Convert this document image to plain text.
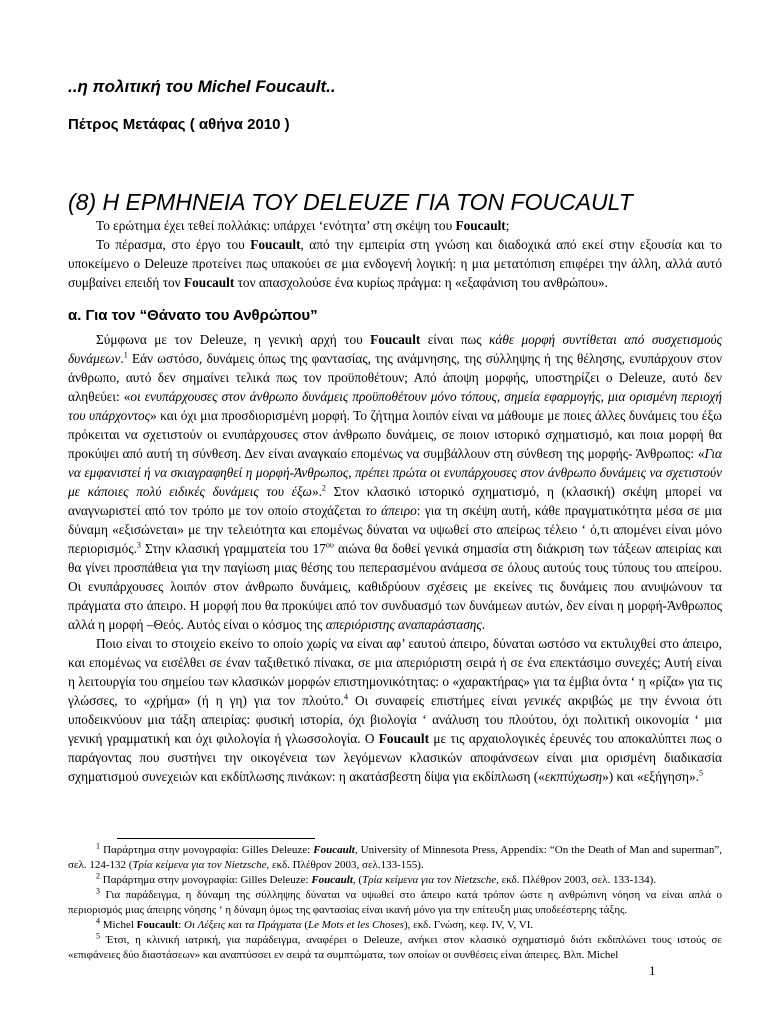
..η πολιτική του Michel Foucault..
Πέτρος Μετάφας ( αθήνα 2010 )
(8) Η ΕΡΜΗΝΕΙΑ ΤΟΥ DELEUZE ΓΙΑ ΤΟΝ FOUCAULT

Το ερώτημα έχει τεθεί πολλάκις: υπάρχει ‘ενότητα’ στη σκέψη του Foucault;

Το πέρασμα, στο έργο του Foucault, από την εμπειρία στη γνώση και διαδοχικά από εκεί στην εξουσία και το υποκείμενο ο Deleuze προτείνει πως υπακούει σε μια ενδογενή λογική: η μια μετατόπιση επιφέρει την άλλη, αλλά αυτό συμβαίνει επειδή τον Foucault τον απασχολούσε ένα κυρίως πράγμα: η «εξαφάνιση του ανθρώπου».

α. Για τον “Θάνατο του Ανθρώπου”

Σύμφωνα με τον Deleuze, η γενική αρχή του Foucault είναι πως κάθε μορφή συντίθεται από συσχετισμούς δυνάμεων.$^1$ Εάν ωστόσο, δυνάμεις όπως της φαντασίας, της ανάμνησης, της σύλληψης ή της θέλησης, ενυπάρχουν στον άνθρωπο, αυτό δεν σημαίνει τελικά πως τον προϋποθέτουν; Από άποψη μορφής, υποστηρίζει ο Deleuze, αυτό δεν αληθεύει: «οι ενυπάρχουσες στον άνθρωπο δυνάμεις προϋποθέτουν μόνο τόπους, σημεία εφαρμογής, μια ορισμένη περιοχή του υπάρχοντος» και όχι μια προσδιορισμένη μορφή. Το ζήτημα λοιπόν είναι να μάθουμε με ποιες άλλες δυνάμεις του έξω πρόκειται να σχετιστούν οι ενυπάρχουσες στον άνθρωπο δυνάμεις, σε ποιον ιστορικό σχηματισμό, και ποια μορφή θα προκύψει από αυτή τη σύνθεση. Δεν είναι αναγκαίο επομένως να συμβάλλουν στη σύνθεση της μορφής- Άνθρωπος: «Για να εμφανιστεί ή να σκιαγραφηθεί η μορφή-Άνθρωπος, πρέπει πρώτα οι ενυπάρχουσες στον άνθρωπο δυνάμεις να σχετιστούν με κάποιες πολύ ειδικές δυνάμεις του έξω».$^2$ Στον κλασικό ιστορικό σχηματισμό, η (κλασική) σκέψη μπορεί να αναγνωριστεί από τον τρόπο με τον οποίο στοχάζεται το άπειρο: για τη σκέψη αυτή, κάθε πραγματικότητα μέσα σε μια δύναμη «εξισώνεται» με την τελειότητα και επομένως δύναται να υψωθεί στο απείρως τέλειο ‘ ό,τι απομένει είναι μόνο περιορισμός.$^3$ Στην κλασική γραμματεία του $17^{o\upsilon}$ αιώνα θα δοθεί γενικά σημασία στη διάκριση των τάξεων απειρίας και θα γίνει προσπάθεια για την παγίωση μιας θέσης του πεπερασμένου ανάμεσα σε όλους αυτούς τους τύπους του απείρου. Οι ενυπάρχουσες λοιπόν στον άνθρωπο δυνάμεις, καθιδρύουν σχέσεις με εκείνες τις δυνάμεις που ανυψώνουν τα πράγματα στο άπειρο. Η μορφή που θα προκύψει από τον συνδυασμό των δυνάμεων αυτών, δεν είναι η μορφή-Άνθρωπος αλλά η μορφή –Θεός. Αυτός είναι ο κόσμος της απεριόριστης αναπαράστασης.

Ποιο είναι το στοιχείο εκείνο το οποίο χωρίς να είναι αφ’ εαυτού άπειρο, δύναται ωστόσο να εκτυλιχθεί στο άπειρο, και επομένως να εισέλθει σε έναν ταξιθετικό πίνακα, σε μια απεριόριστη σειρά ή σε ένα επεκτάσιμο συνεχές; Αυτή είναι η λειτουργία του σημείου των κλασικών μορφών επιστημονικότητας: ο «χαρακτήρας» για τα έμβια όντα ‘ η «ρίζα» για τις γλώσσες, το «χρήμα» (ή η γη) για τον πλούτο.$^4$ Οι συναφείς επιστήμες είναι γενικές ακριβώς με την έννοια ότι υποδεικνύουν μια τάξη απειρίας: φυσική ιστορία, όχι βιολογία ‘ ανάλυση του πλούτου, όχι πολιτική οικονομία ‘ μια γενική γραμματική και όχι φιλολογία ή γλωσσολογία. Ο Foucault με τις αρχαιολογικές έρευνές του αποκαλύπτει πως ο παράγοντας που συστήνει την οικογένεια των λεγόμενων κλασικών αποφάνσεων είναι μια ορισμένη διαδικασία σχηματισμού συνεχειών και εκδίπλωσης πινάκων: η ακατάσβεστη δίψα για εκδίπλωση («εκπτύχωση») και «εξήγηση».$^5$

$^1$ Παράρτημα στην μονογραφία: Gilles Deleuze: Foucault, University of Minnesota Press, Appendix: “On the Death of Man and superman”, σελ. 124-132 (Τρία κείμενα για τον Nietzsche, εκδ. Πλέθρον 2003, σελ.133-155).

$^2$ Παράρτημα στην μονογραφία: Gilles Deleuze: Foucault, (Τρία κείμενα για τον Nietzsche, εκδ. Πλέθρον 2003, σελ. 133-134).

$^3$ Για παράδειγμα, η δύναμη της σύλληψης δύναται να υψωθεί στο άπειρο κατά τρόπον ώστε η ανθρώπινη νόηση να είναι απλά ο περιορισμός μιας άπειρης νόησης ‘ η δύναμη όμως της φαντασίας είναι ικανή μόνο για την επίτευξη μιας υποδεέστερης τάξης.

$^4$ Michel Foucault: Οι Λέξεις και τα Πράγματα (Le Mots et les Choses), εκδ. Γνώση, κεφ. IV, V, VI.

$^5$ Έτσι, η κλινική ιατρική, για παράδειγμα, αναφέρει ο Deleuze, ανήκει στον κλασικό σχηματισμό διότι εκδιπλώνει τους ιστούς σε «επιφάνειες δύο διαστάσεων» και αναπτύσσει εν σειρά τα συμπτώματα, των οποίων οι συνθέσεις είναι άπειρες. Βλπ. Michel

1
